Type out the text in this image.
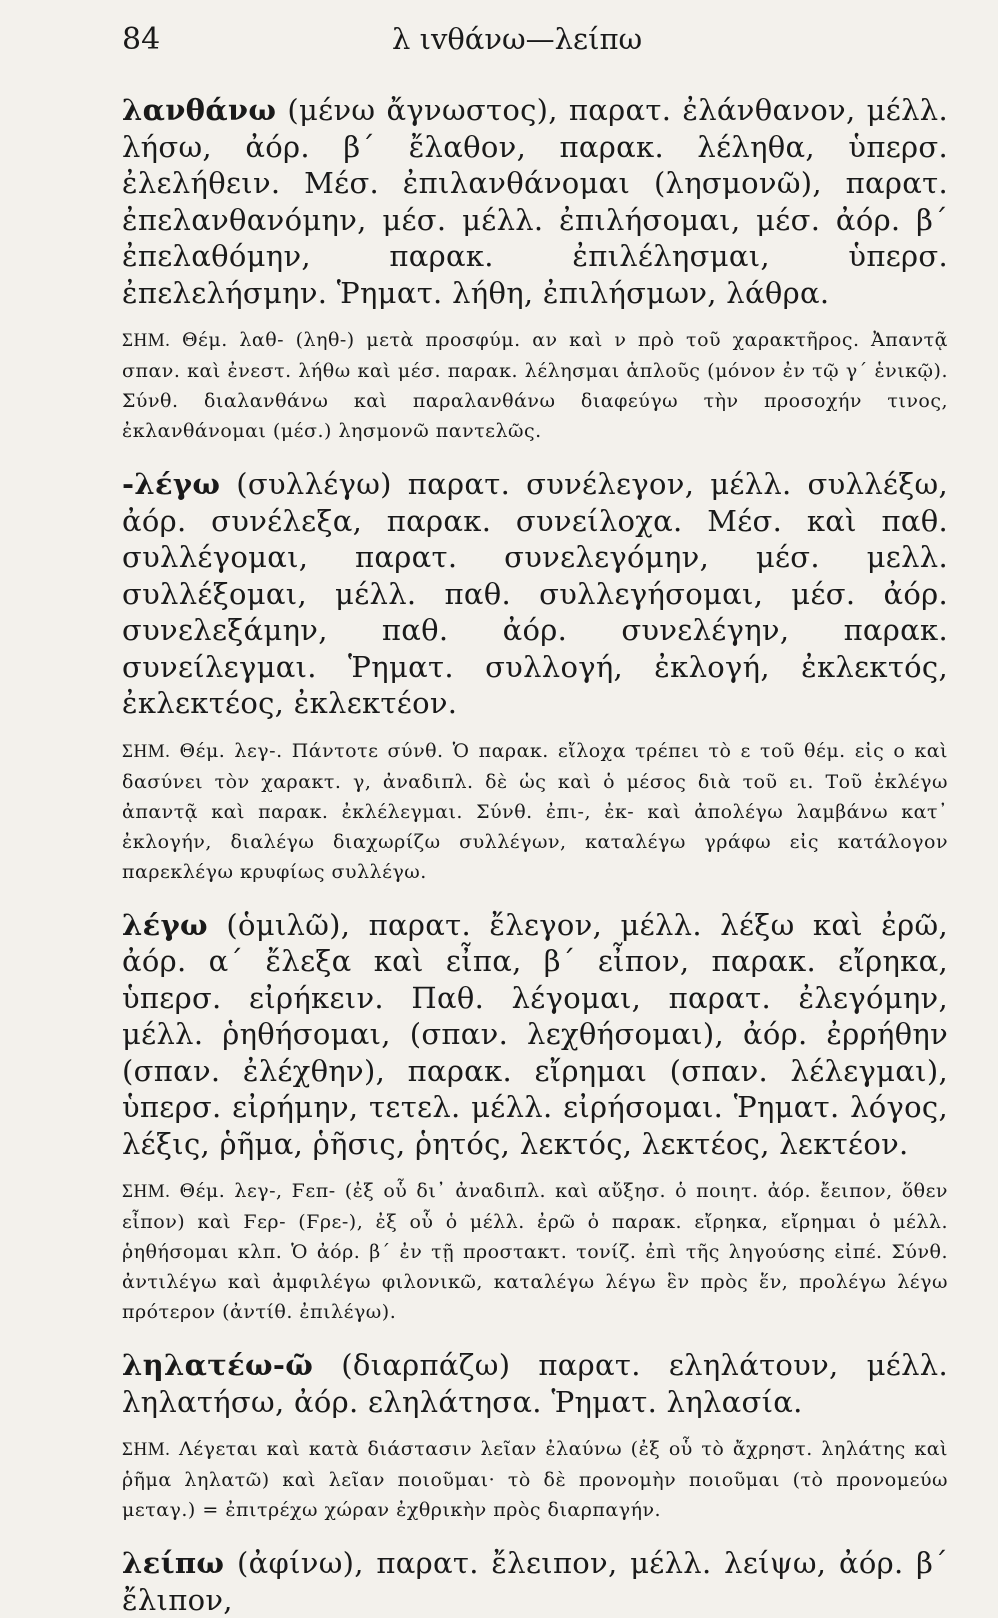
84	λ ιvθάνω—λείπω
λανθάνω (μένω ἄγνωστος), παρατ. ἐλάνθανον, μέλλ. λήσω, ἀόρ. β΄ ἔλαθον, παρακ. λέληθα, ὑπερσ. ἐλελήθειν. Μέσ. ἐπιλανθάνομαι (λησμονῶ), παρατ. ἐπελανθανόμην, μέσ. μέλλ. ἐπιλήσομαι, μέσ. ἀόρ. β΄ ἐπελαθόμην, παρακ. ἐπιλέλησμαι, ὑπερσ. ἐπελελήσμην. Ῥηματ. λήθη, ἐπιλήσμων, λάθρα.
ΣΗΜ. Θέμ. λαθ- (ληθ-) μετὰ προσφύμ. αν καὶ ν πρὸ τοῦ χαρακτῆρος. Ἀπαντᾷ σπαν. καὶ ἐνεστ. λήθω καὶ μέσ. παρακ. λέλησμαι ἁπλοῦς (μόνον ἐν τῷ γ΄ ἑνικῷ). Σύνθ. διαλανθάνω καὶ παραλανθάνω διαφεύγω τὴν προσοχήν τινος, ἐκλανθάνομαι (μέσ.) λησμονῶ παντελῶς.
-λέγω (συλλέγω) παρατ. συνέλεγον, μέλλ. συλλέξω, ἀόρ. συνέλεξα, παρακ. συνείλοχα. Μέσ. καὶ παθ. συλλέγομαι, παρατ. συνελεγόμην, μέσ. μελλ. συλλέξομαι, μέλλ. παθ. συλλεγήσομαι, μέσ. ἀόρ. συνελεξάμην, παθ. ἀόρ. συνελέγην, παρακ. συνείλεγμαι. Ῥηματ. συλλογή, ἐκλογή, ἐκλεκτός, ἐκλεκτέος, ἐκλεκτέον.
ΣΗΜ. Θέμ. λεγ-. Πάντοτε σύνθ. Ὁ παρακ. εἴλοχα τρέπει τὸ ε τοῦ θέμ. εἰς ο καὶ δασύνει τὸν χαρακτ. γ, ἀναδιπλ. δὲ ὡς καὶ ὁ μέσος διὰ τοῦ ει. Τοῦ ἐκλέγω ἀπαντᾷ καὶ παρακ. ἐκλέλεγμαι. Σύνθ. ἐπι-, ἐκ- καὶ ἀπολέγω λαμβάνω κατ᾽ ἐκλογήν, διαλέγω διαχωρίζω συλλέγων, καταλέγω γράφω εἰς κατάλογον παρεκλέγω κρυφίως συλλέγω.
λέγω (ὁμιλῶ), παρατ. ἔλεγον, μέλλ. λέξω καὶ ἐρῶ, ἀόρ. α΄ ἔλεξα καὶ εἶπα, β΄ εἶπον, παρακ. εἴρηκα, ὑπερσ. εἰρήκειν. Παθ. λέγομαι, παρατ. ἐλεγόμην, μέλλ. ῥηθήσομαι, (σπαν. λεχθήσομαι), ἀόρ. ἐρρήθην (σπαν. ἐλέχθην), παρακ. εἴρημαι (σπαν. λέλεγμαι), ὑπερσ. εἰρήμην, τετελ. μέλλ. εἰρήσομαι. Ῥηματ. λόγος, λέξις, ῥῆμα, ῥῆσις, ῥητός, λεκτός, λεκτέος, λεκτέον.
ΣΗΜ. Θέμ. λεγ-, Ϝεπ- (ἐξ οὗ δι᾽ ἀναδιπλ. καὶ αὔξησ. ὁ ποιητ. ἀόρ. ἔειπον, ὅθεν εἶπον) καὶ Ϝερ- (Ϝρε-), ἐξ οὗ ὁ μέλλ. ἐρῶ ὁ παρακ. εἴρηκα, εἴρημαι ὁ μέλλ. ῥηθήσομαι κλπ. Ὁ ἀόρ. β΄ ἐν τῇ προστακτ. τονίζ. ἐπὶ τῆς ληγούσης εἰπέ. Σύνθ. ἀντιλέγω καὶ ἀμφιλέγω φιλονικῶ, καταλέγω λέγω ἓν πρὸς ἕν, προλέγω λέγω πρότερον (ἀντίθ. ἐπιλέγω).
ληλατέω-ῶ (διαρπάζω) παρατ. εληλάτουν, μέλλ. ληλατήσω, ἀόρ. εληλάτησα. Ῥηματ. ληλασία.
ΣΗΜ. Λέγεται καὶ κατὰ διάστασιν λεῖαν ἐλαύνω (ἐξ οὗ τὸ ἄχρηστ. ληλάτης καὶ ῥῆμα ληλατῶ) καὶ λεῖαν ποιοῦμαι· τὸ δὲ προνομὴν ποιοῦμαι (τὸ προνομεύω μεταγ.) = ἐπιτρέχω χώραν ἐχθρικὴν πρὸς διαρπαγήν.
λείπω (ἀφίνω), παρατ. ἔλειπον, μέλλ. λείψω, ἀόρ. β΄ ἔλιπον,
